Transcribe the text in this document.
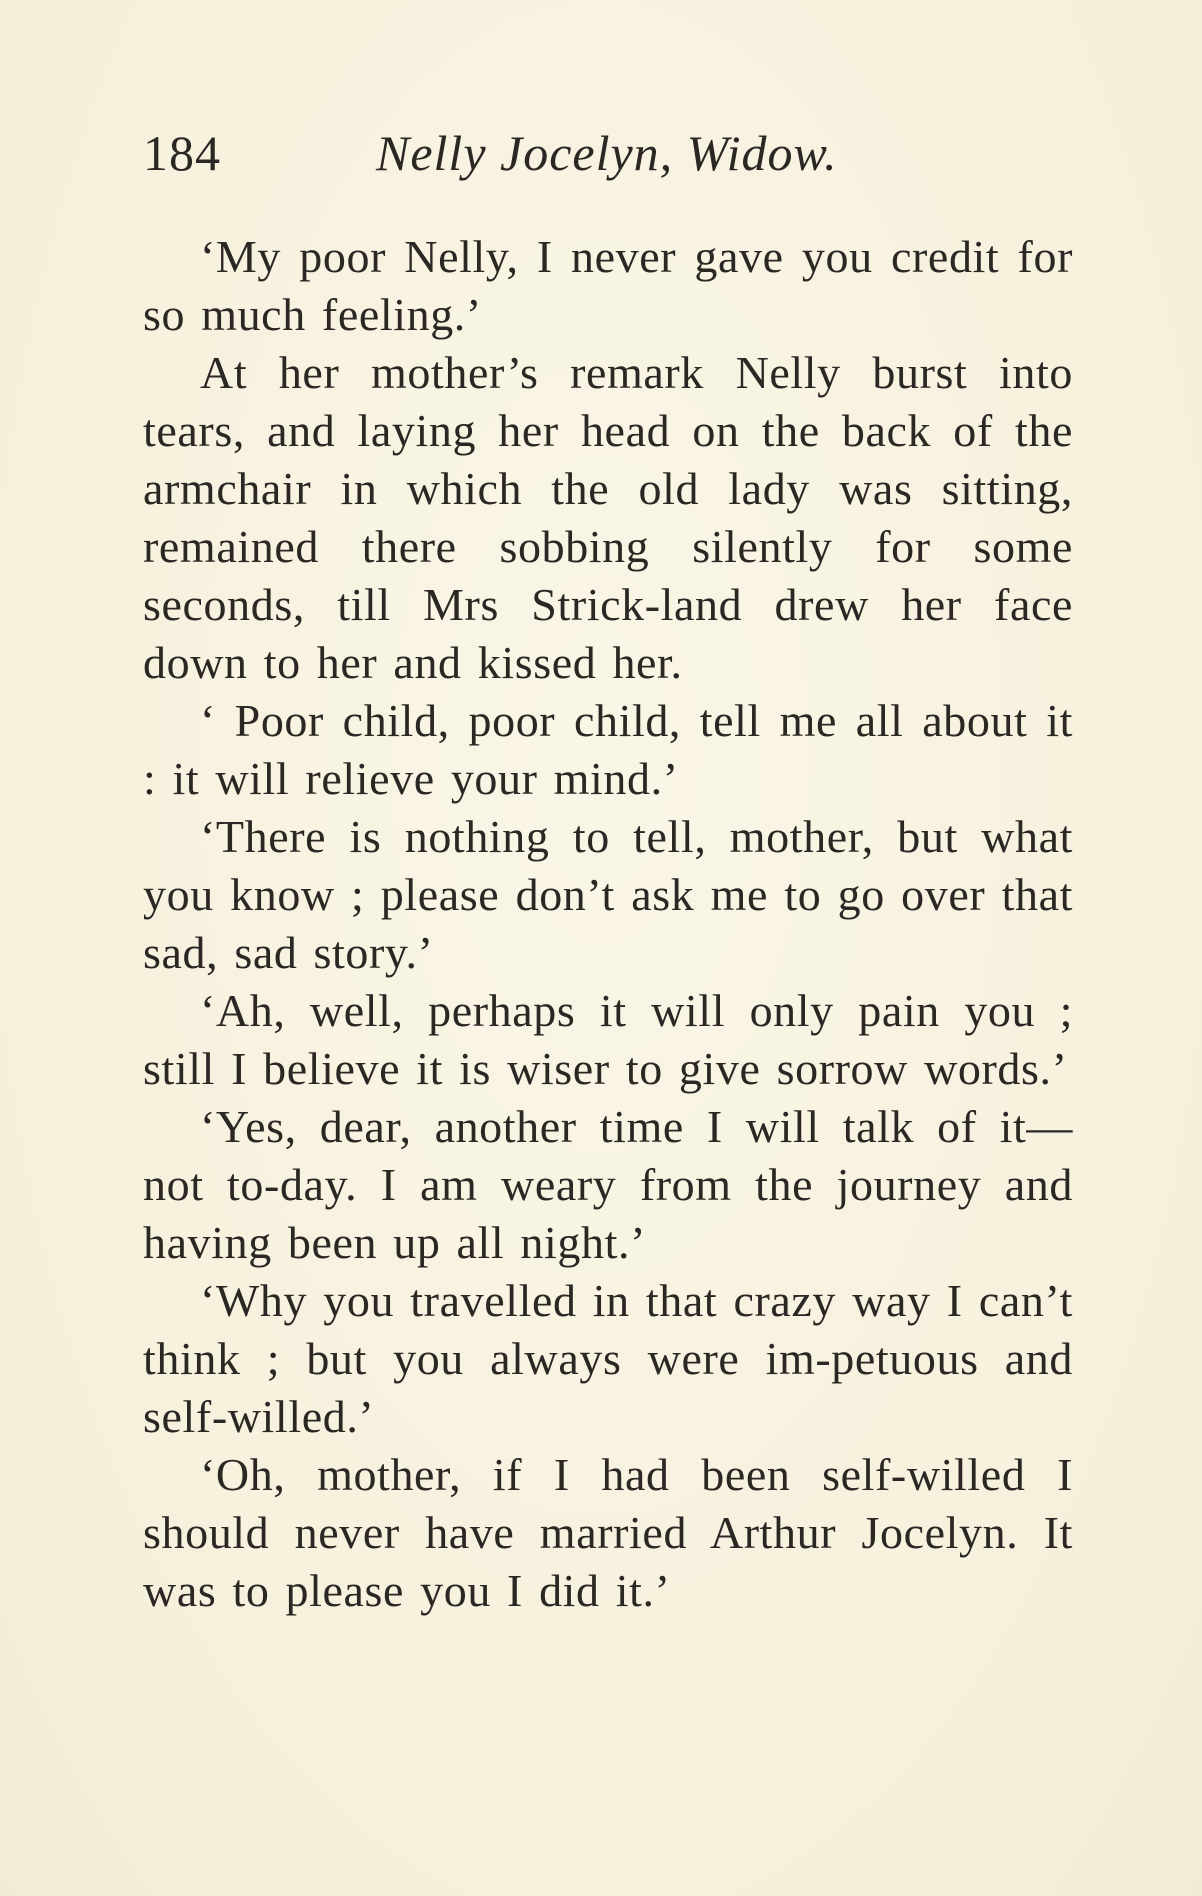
184	Nelly Jocelyn, Widow.

‘My poor Nelly, I never gave you credit for so much feeling.’

At her mother’s remark Nelly burst into tears, and laying her head on the back of the armchair in which the old lady was sitting, remained there sobbing silently for some seconds, till Mrs Strick-land drew her face down to her and kissed her.

‘ Poor child, poor child, tell me all about it : it will relieve your mind.’

‘There is nothing to tell, mother, but what you know ; please don’t ask me to go over that sad, sad story.’

‘Ah, well, perhaps it will only pain you ; still I believe it is wiser to give sorrow words.’

‘Yes, dear, another time I will talk of it—not to-day. I am weary from the journey and having been up all night.’

‘Why you travelled in that crazy way I can’t think ; but you always were im-petuous and self-willed.’

‘Oh, mother, if I had been self-willed I should never have married Arthur Jocelyn. It was to please you I did it.’
